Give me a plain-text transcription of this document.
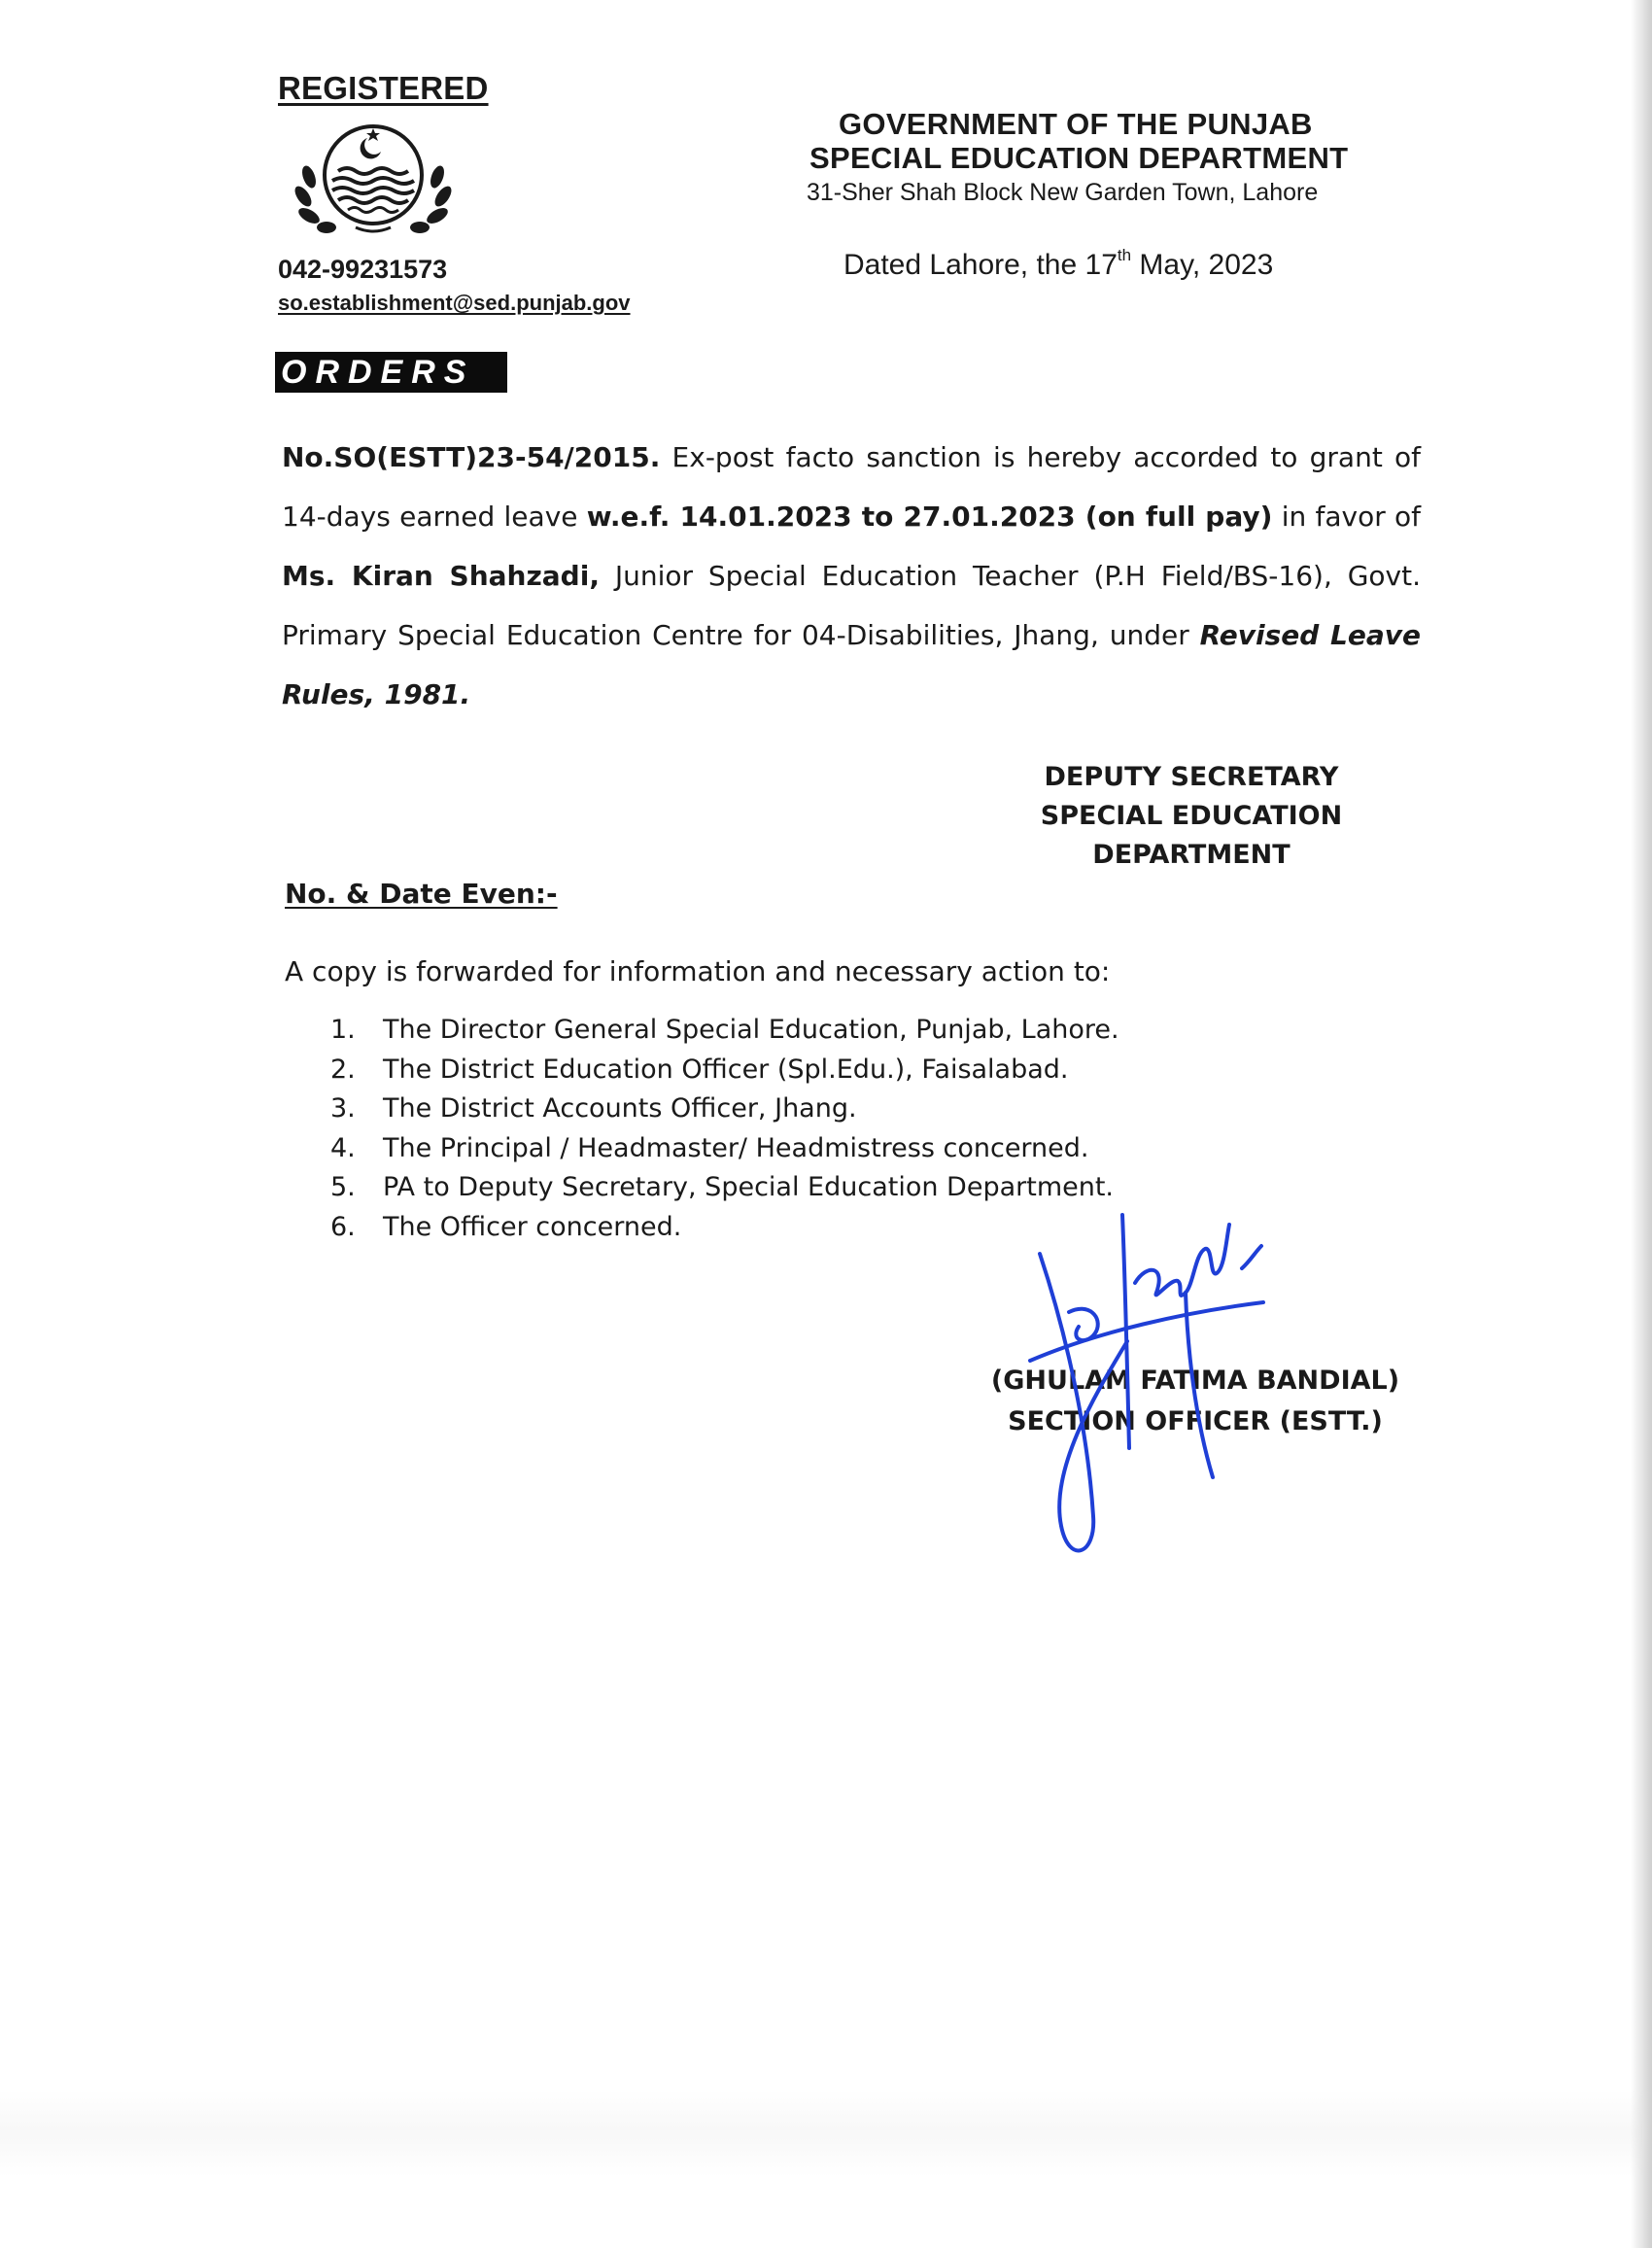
REGISTERED
042-99231573
so.establishment@sed.punjab.gov
GOVERNMENT OF THE PUNJAB
SPECIAL EDUCATION DEPARTMENT
31-Sher Shah Block New Garden Town, Lahore
Dated Lahore, the 17th May, 2023
ORDERS
No.SO(ESTT)23-54/2015. Ex-post facto sanction is hereby accorded to grant of 14-days earned leave w.e.f. 14.01.2023 to 27.01.2023 (on full pay) in favor of Ms. Kiran Shahzadi, Junior Special Education Teacher (P.H Field/BS-16), Govt. Primary Special Education Centre for 04-Disabilities, Jhang, under Revised Leave Rules, 1981.
DEPUTY SECRETARY
SPECIAL EDUCATION
DEPARTMENT
No. & Date Even:-
A copy is forwarded for information and necessary action to:
1.	The Director General Special Education, Punjab, Lahore.
2.	The District Education Officer (Spl.Edu.), Faisalabad.
3.	The District Accounts Officer, Jhang.
4.	The Principal / Headmaster/ Headmistress concerned.
5.	PA to Deputy Secretary, Special Education Department.
6.	The Officer concerned.
(GHULAM FATIMA BANDIAL)
SECTION OFFICER (ESTT.)
